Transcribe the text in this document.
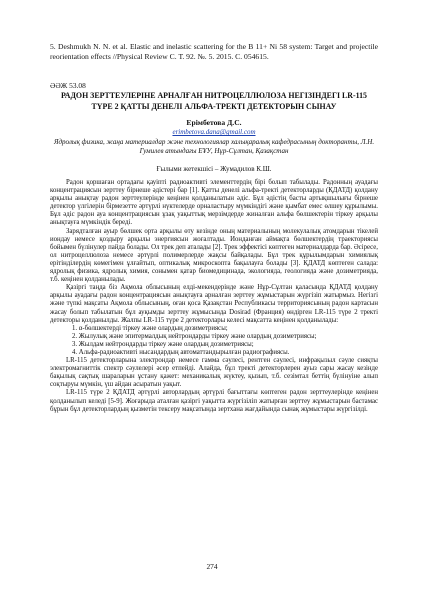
5. Deshmukh N. N. et al. Elastic and inelastic scattering for the B 11+ Ni 58 system: Target and projectile reorientation effects //Physical Review C. Т. 92. №. 5. 2015. С. 054615.
ӘӘЖ 53.08
РАДОН ЗЕРТТЕУЛЕРІНЕ АРНАЛҒАН НИТРОЦЕЛЛЮЛОЗА НЕГІЗІНДЕГІ LR-115 ТҮРЕ 2 ҚАТТЫ ДЕНЕЛІ АЛЬФА-ТРЕКТІ ДЕТЕКТОРЫН СЫНАУ
Ерімбетова Д.С.
erimbetova.dana@gmail.com
Ядролық физика, жаңа материалдар және технологиялар халықаралық кафедрасының докторанты, Л.Н. Гумилев атындағы ЕҰУ, Нұр-Сұлтан, Қазақстан
Ғылыми жетекшісі – Жумадилов К.Ш.

Радон қоршаған ортадағы қауіпті радиоактивті элементтердің бірі болып табылады. Радонның ауадағы концентрациясын зерттеу бірнеше әдістері бар [1]. Қатты денелі альфа-тректі детекторларды (ҚДАТД) қолдану арқылы анықтау радон зерттеулерінде кеңінен қолданылатын әдіс. Бұл әдістің басты артықшылығы бірнеше детектор үлгілерін бірмезетте әртүрлі нүктелерде орналастыру мүмкіндігі және қымбат емес өлшеу құрылымы. Бұл әдіс радон ауа концентрациясын ұзақ уақыттық мерзімдерде жиналған альфа бөлшектерін тіркеу арқылы анықтауға мүмкіндік береді.

Зарядталған ауыр бөлшек орта арқылы өту кезінде оның материалының молекулалық атомдарын тікелей иондау немесе қоздыру арқылы энергиясын жоғалтады. Ионданған аймақта бөлшектердің траекториясы бойымен бүлінулер пайда болады. Ол трек деп аталады [2]. Трек эффектісі көптеген материалдарда бар. Әсіресе, ол нитроцеллюлоза немесе әртүрлі полимерлерде жақсы байқалады. Бұл трек құрылымдарын химиялық ерітінділердің көмегімен ұлғайтып, оптикалық микроскопта бақылауға болады [3]. ҚДАТД көптеген салада: ядролық физика, ядролық химия, сонымен қатар биомедицинада, экологияда, геологияда және дозиметрияда, т.б. кеңінен қолданылады.

Қазіргі таңда біз Ақмола облысының елді-мекендерінде және Нұр-Сұлтан қаласында ҚДАТД қолдану арқылы ауадағы радон концентрациясын анықтауға арналған зерттеу жұмыстарын жүргізіп жатырмыз. Негізгі және түпкі мақсаты Ақмола облысының, оған қоса Қазақстан Республикасы территориясының радон картасын жасау болып табылатын бұл ауқымды зерттеу жұмысында Dosirad (Франция) өндірген LR-115 түре 2 тректі детекторы қолданылды. Жалпы LR-115 түре 2 детекторлары келесі мақсатта кеңінен қолданылады:

1. α-бөлшектерді тіркеу және олардың дозиметриясы;
2. Жылулық және эпитермалдық нейтрондарды тіркеу және олардың дозиметриясы;
3. Жылдам нейтрондарды тіркеу және олардың дозиметриясы;
4. Альфа-радиоактивті нысандардың автоматтандырылған радиографиясы.

LR-115 детекторларына электрондар немесе гамма сәулесі, рентген сәулесі, инфрақызыл сәуле сияқты электромагниттік спектр сәулелері әсер етпейді. Алайда, бұл тректі детекторлерен ауыз сары жасау кезінде бақылық сақтық шараларын ұстану қажет: механикалық жүктеу, қызып, т.б. сезімтал беттің бүлінуіне алып соқтыруы мүмкін, үш айдан асыратын уақыт.

LR-115 түре 2 ҚДАТД әртүрлі авторлардың әртүрлі бағыттағы көптеген радон зерттеулерінде кеңінен қолданылып келеді [5-9]. Жоғарыда аталған қазіргі уақытта жүргізіліп жатырған зерттеу жұмыстарын бастамас бұрын бұл детекторлардың қызметін тексеру мақсатында зертхана жағдайында сынақ жұмыстары жүргізілді.

274
